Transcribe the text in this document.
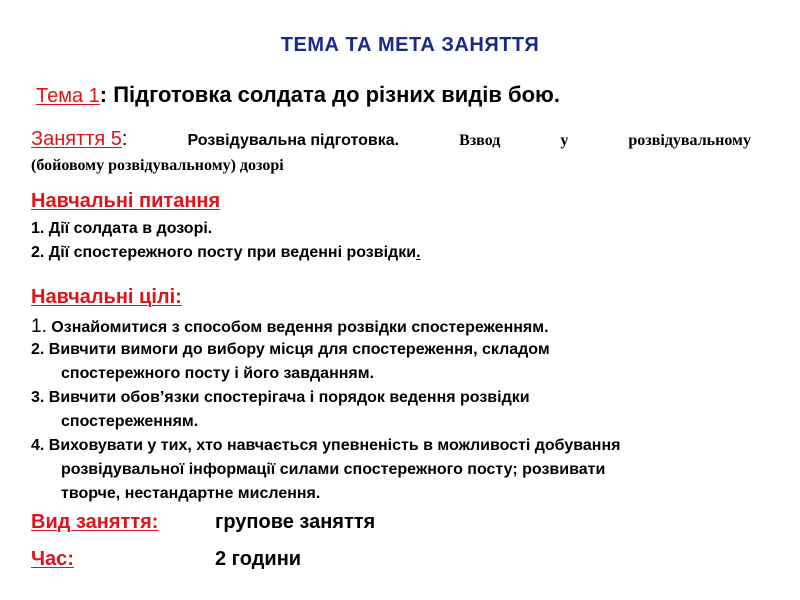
ТЕМА ТА МЕТА ЗАНЯТТЯ
Тема 1: Підготовка солдата до різних видів бою.
Заняття 5:	Розвідувальна підготовка.	Взвод	у	розвідувальному
(бойовому розвідувальному) дозорі
Навчальні питання
1. Дії солдата в дозорі.
2. Дії спостережного посту при веденні розвідки.
Навчальні цілі:
1. Ознайомитися з способом ведення розвідки спостереженням.
2. Вивчити вимоги до вибору місця для спостереження, складом
спостережного посту і його завданням.
3. Вивчити обов’язки спостерігача і порядок ведення розвідки
спостереженням.
4. Виховувати у тих, хто навчається упевненість в можливості добування
розвідувальної інформації силами спостережного посту; розвивати
творче, нестандартне мислення.
Вид заняття:	групове заняття
Час:	2 години
